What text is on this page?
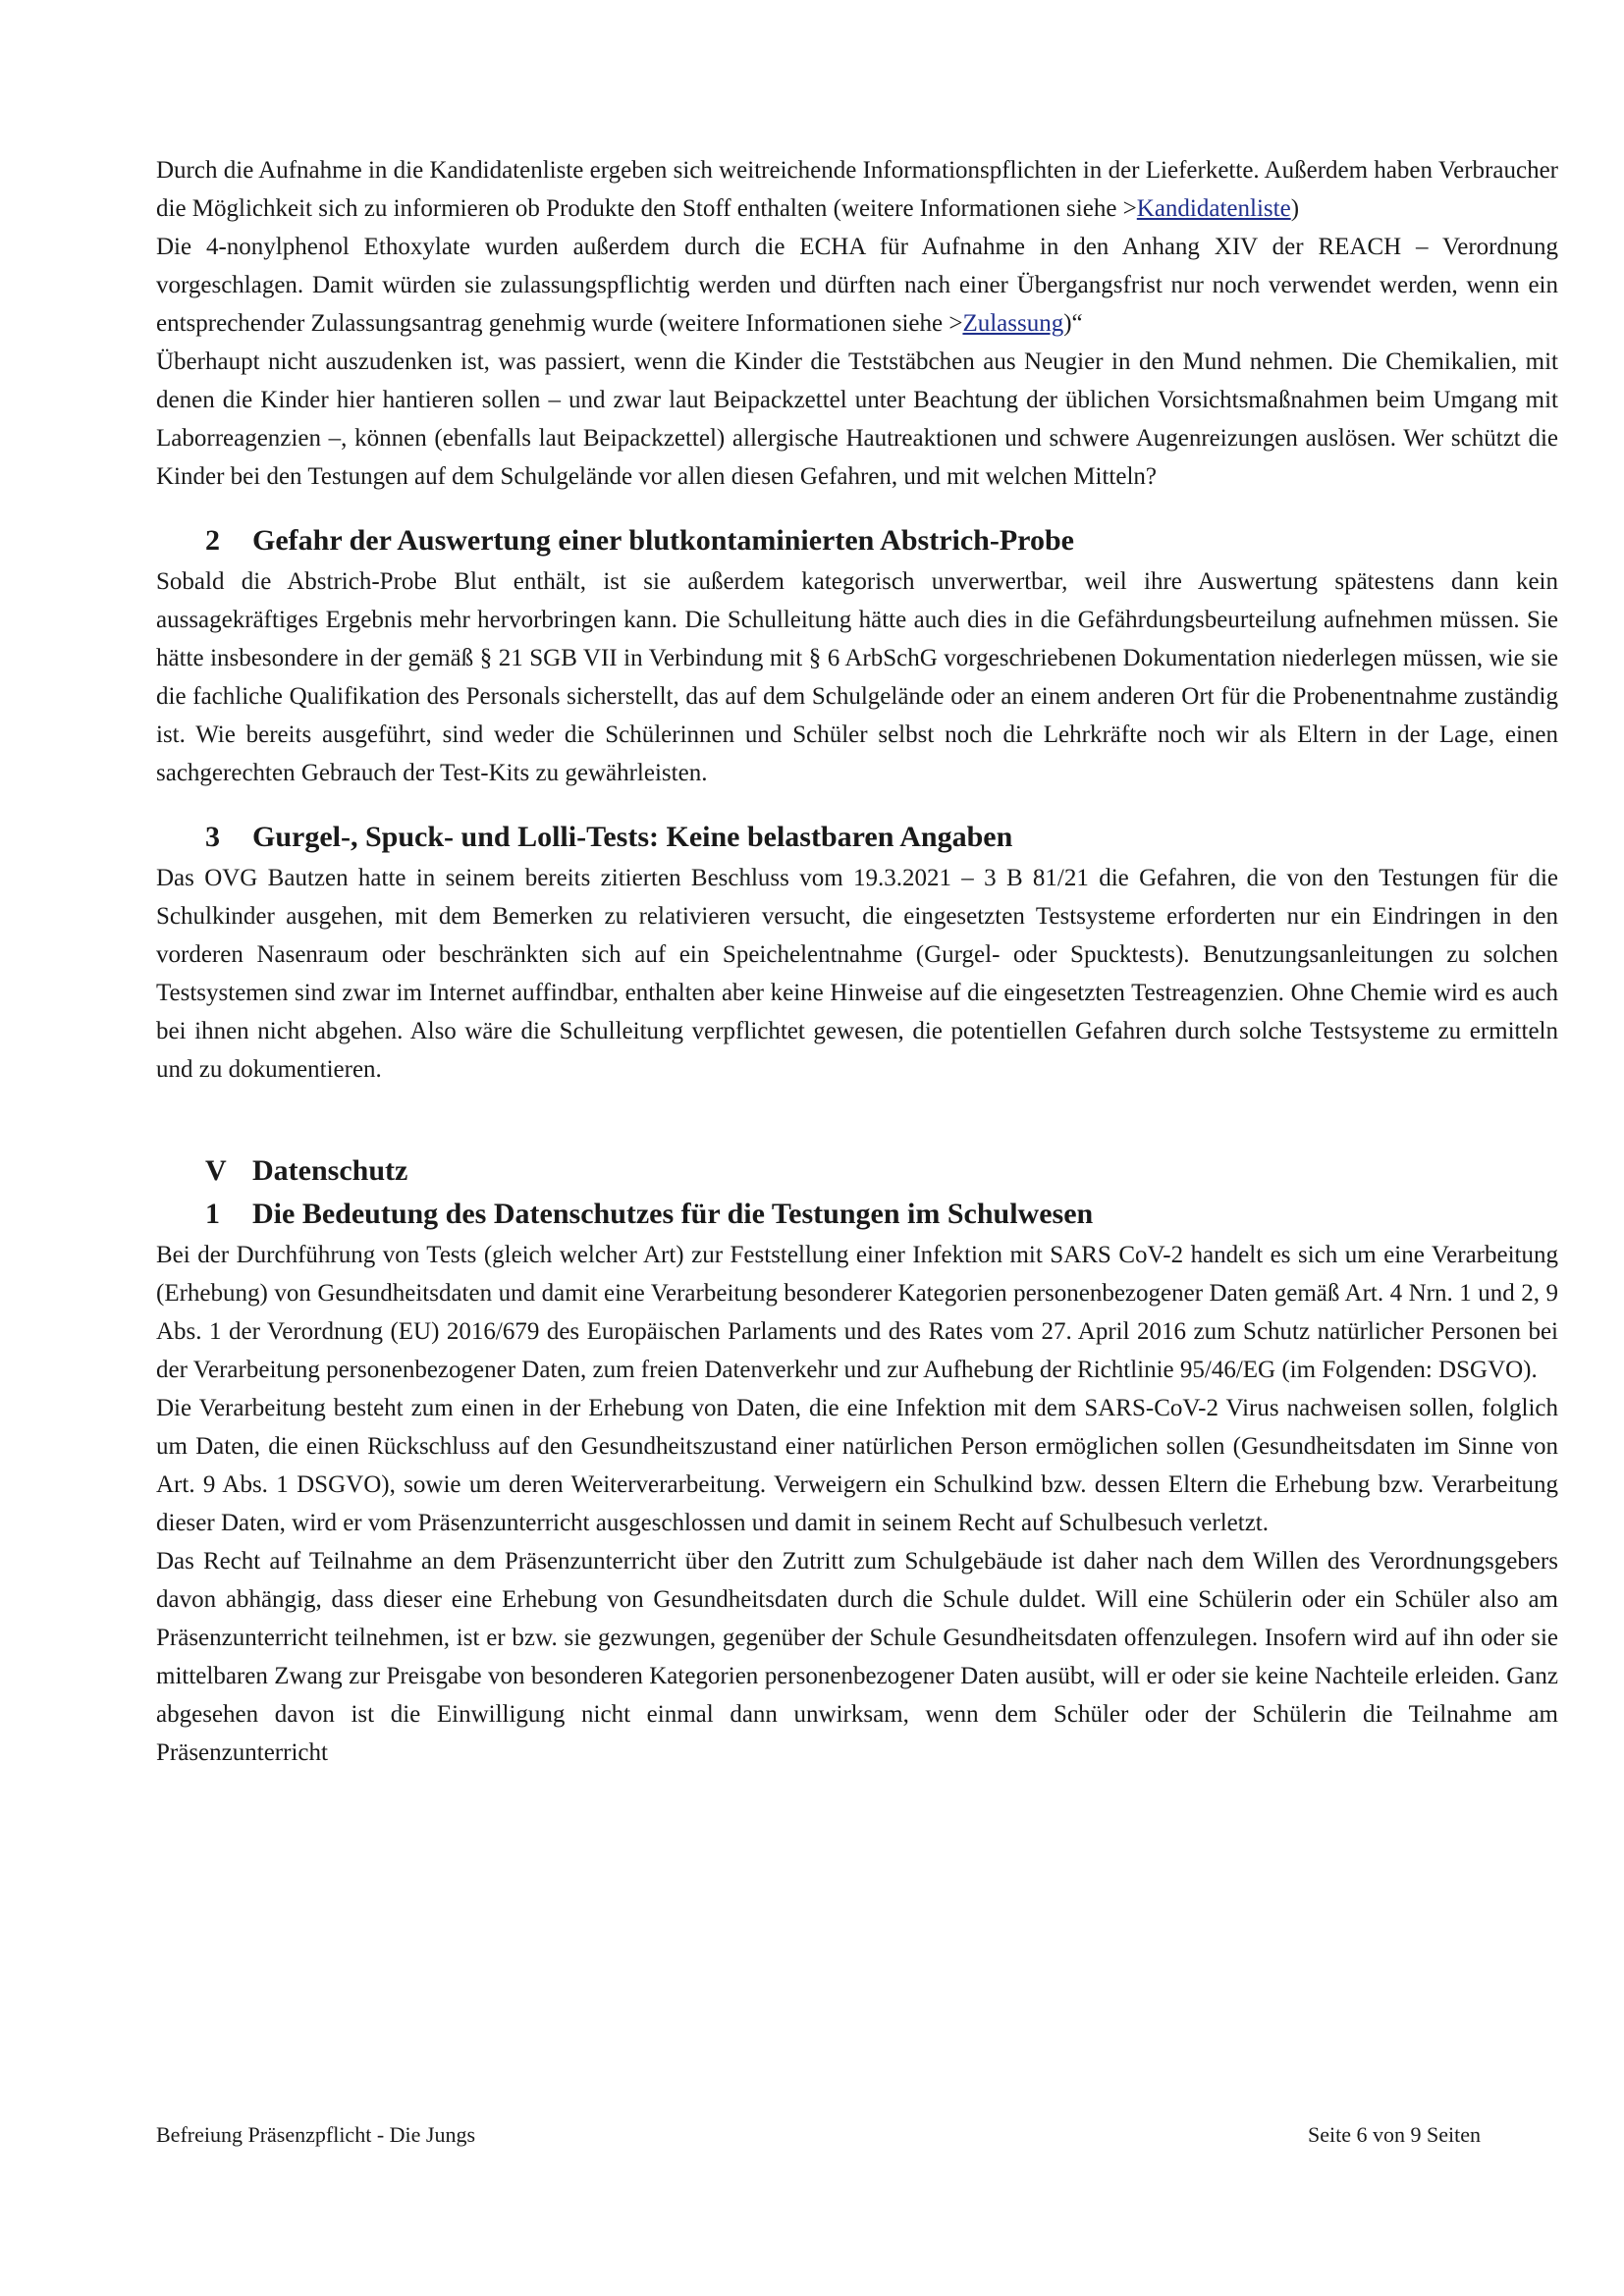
Durch die Aufnahme in die Kandidatenliste ergeben sich weitreichende Informationspflichten in der Lieferkette. Außerdem haben Verbraucher die Möglichkeit sich zu informieren ob Produkte den Stoff enthalten (weitere Informationen siehe >Kandidatenliste)

Die 4-nonylphenol Ethoxylate wurden außerdem durch die ECHA für Aufnahme in den Anhang XIV der REACH – Verordnung vorgeschlagen. Damit würden sie zulassungspflichtig werden und dürften nach einer Übergangsfrist nur noch verwendet werden, wenn ein entsprechender Zulassungsantrag genehmig wurde (weitere Informationen siehe >Zulassung)“

Überhaupt nicht auszudenken ist, was passiert, wenn die Kinder die Teststäbchen aus Neugier in den Mund nehmen. Die Chemikalien, mit denen die Kinder hier hantieren sollen – und zwar laut Beipackzettel unter Beachtung der üblichen Vorsichtsmaßnahmen beim Umgang mit Laborreagenzien –, können (ebenfalls laut Beipackzettel) allergische Hautreaktionen und schwere Augenreizungen auslösen. Wer schützt die Kinder bei den Testungen auf dem Schulgelände vor allen diesen Gefahren, und mit welchen Mitteln?

2 Gefahr der Auswertung einer blutkontaminierten Abstrich-Probe

Sobald die Abstrich-Probe Blut enthält, ist sie außerdem kategorisch unverwertbar, weil ihre Auswertung spätestens dann kein aussagekräftiges Ergebnis mehr hervorbringen kann. Die Schulleitung hätte auch dies in die Gefährdungsbeurteilung aufnehmen müssen. Sie hätte insbesondere in der gemäß § 21 SGB VII in Verbindung mit § 6 ArbSchG vorgeschriebenen Dokumentation niederlegen müssen, wie sie die fachliche Qualifikation des Personals sicherstellt, das auf dem Schulgelände oder an einem anderen Ort für die Probenentnahme zuständig ist. Wie bereits ausgeführt, sind weder die Schülerinnen und Schüler selbst noch die Lehrkräfte noch wir als Eltern in der Lage, einen sachgerechten Gebrauch der Test-Kits zu gewährleisten.

3 Gurgel-, Spuck- und Lolli-Tests: Keine belastbaren Angaben

Das OVG Bautzen hatte in seinem bereits zitierten Beschluss vom 19.3.2021 – 3 B 81/21 die Gefahren, die von den Testungen für die Schulkinder ausgehen, mit dem Bemerken zu relativieren versucht, die eingesetzten Testsysteme erforderten nur ein Eindringen in den vorderen Nasenraum oder beschränkten sich auf ein Speichelentnahme (Gurgel- oder Spucktests). Benutzungsanleitungen zu solchen Testsystemen sind zwar im Internet auffindbar, enthalten aber keine Hinweise auf die eingesetzten Testreagenzien. Ohne Chemie wird es auch bei ihnen nicht abgehen. Also wäre die Schulleitung verpflichtet gewesen, die potentiellen Gefahren durch solche Testsysteme zu ermitteln und zu dokumentieren.

V Datenschutz
1 Die Bedeutung des Datenschutzes für die Testungen im Schulwesen

Bei der Durchführung von Tests (gleich welcher Art) zur Feststellung einer Infektion mit SARS CoV-2 handelt es sich um eine Verarbeitung (Erhebung) von Gesundheitsdaten und damit eine Verarbeitung besonderer Kategorien personenbezogener Daten gemäß Art. 4 Nrn. 1 und 2, 9 Abs. 1 der Verordnung (EU) 2016/679 des Europäischen Parlaments und des Rates vom 27. April 2016 zum Schutz natürlicher Personen bei der Verarbeitung personenbezogener Daten, zum freien Datenverkehr und zur Aufhebung der Richtlinie 95/46/EG (im Folgenden: DSGVO).

Die Verarbeitung besteht zum einen in der Erhebung von Daten, die eine Infektion mit dem SARS-CoV-2 Virus nachweisen sollen, folglich um Daten, die einen Rückschluss auf den Gesundheitszustand einer natürlichen Person ermöglichen sollen (Gesundheitsdaten im Sinne von Art. 9 Abs. 1 DSGVO), sowie um deren Weiterverarbeitung. Verweigern ein Schulkind bzw. dessen Eltern die Erhebung bzw. Verarbeitung dieser Daten, wird er vom Präsenzunterricht ausgeschlossen und damit in seinem Recht auf Schulbesuch verletzt.

Das Recht auf Teilnahme an dem Präsenzunterricht über den Zutritt zum Schulgebäude ist daher nach dem Willen des Verordnungsgebers davon abhängig, dass dieser eine Erhebung von Gesundheitsdaten durch die Schule duldet. Will eine Schülerin oder ein Schüler also am Präsenzunterricht teilnehmen, ist er bzw. sie gezwungen, gegenüber der Schule Gesundheitsdaten offenzulegen. Insofern wird auf ihn oder sie mittelbaren Zwang zur Preisgabe von besonderen Kategorien personenbezogener Daten ausübt, will er oder sie keine Nachteile erleiden. Ganz abgesehen davon ist die Einwilligung nicht einmal dann unwirksam, wenn dem Schüler oder der Schülerin die Teilnahme am Präsenzunterricht

Befreiung Präsenzpflicht - Die Jungs	Seite 6 von 9 Seiten
